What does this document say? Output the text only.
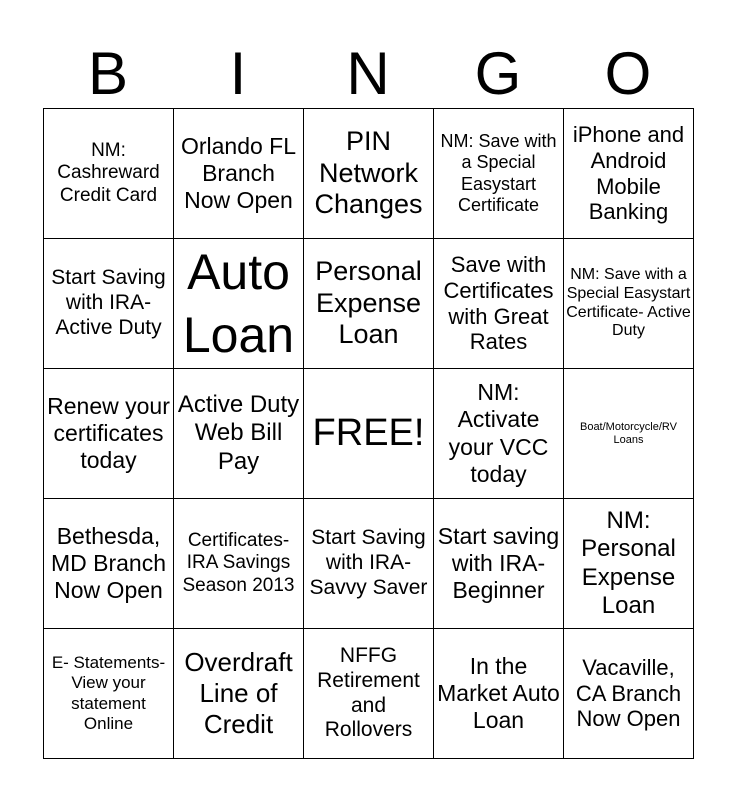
B	I	N	G	O
NM: Cashreward Credit Card	Orlando FL Branch Now Open	PIN Network Changes	NM: Save with a Special Easystart Certificate	iPhone and Android Mobile Banking

Start Saving with IRA- Active Duty	Auto Loan	Personal Expense Loan	Save with Certificates with Great Rates	NM: Save with a Special Easystart Certificate- Active Duty

Renew your certificates today	Active Duty Web Bill Pay	FREE!	NM: Activate your VCC today	Boat/Motorcycle/RV Loans

Bethesda, MD Branch Now Open	Certificates- IRA Savings Season 2013	Start Saving with IRA- Savvy Saver	Start saving with IRA- Beginner	NM: Personal Expense Loan

E- Statements- View your statement Online	Overdraft Line of Credit	NFFG Retirement and Rollovers	In the Market Auto Loan	Vacaville, CA Branch Now Open
